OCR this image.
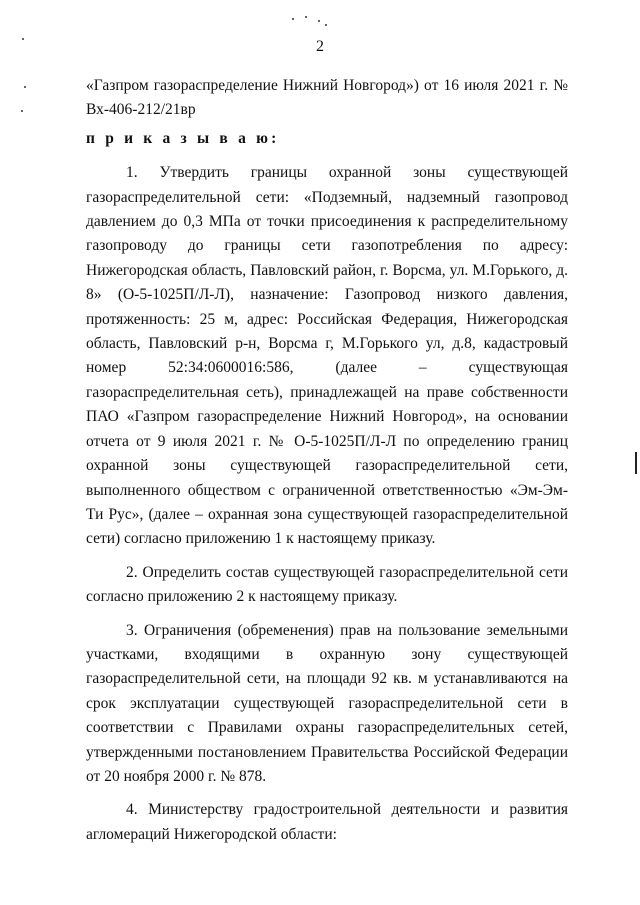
2

«Газпром газораспределение Нижний Новгород») от 16 июля 2021 г. № Вх-406-212/21вр

п р и к а з ы в а ю:

1. Утвердить границы охранной зоны существующей газораспределительной сети: «Подземный, надземный газопровод давлением до 0,3 МПа от точки присоединения к распределительному газопроводу до границы сети газопотребления по адресу: Нижегородская область, Павловский район, г. Ворсма, ул. М.Горького, д. 8» (О-5-1025П/Л-Л), назначение: Газопровод низкого давления, протяженность: 25 м, адрес: Российская Федерация, Нижегородская область, Павловский р-н, Ворсма г, М.Горького ул, д.8, кадастровый номер 52:34:0600016:586, (далее – существующая газораспределительная сеть), принадлежащей на праве собственности ПАО «Газпром газораспределение Нижний Новгород», на основании отчета от 9 июля 2021 г. № О-5-1025П/Л-Л по определению границ охранной зоны существующей газораспределительной сети, выполненного обществом с ограниченной ответственностью «Эм-Эм-Ти Рус», (далее – охранная зона существующей газораспределительной сети) согласно приложению 1 к настоящему приказу.

2. Определить состав существующей газораспределительной сети согласно приложению 2 к настоящему приказу.

3. Ограничения (обременения) прав на пользование земельными участками, входящими в охранную зону существующей газораспределительной сети, на площади 92 кв. м устанавливаются на срок эксплуатации существующей газораспределительной сети в соответствии с Правилами охраны газораспределительных сетей, утвержденными постановлением Правительства Российской Федерации от 20 ноября 2000 г. № 878.

4. Министерству градостроительной деятельности и развития агломераций Нижегородской области:
